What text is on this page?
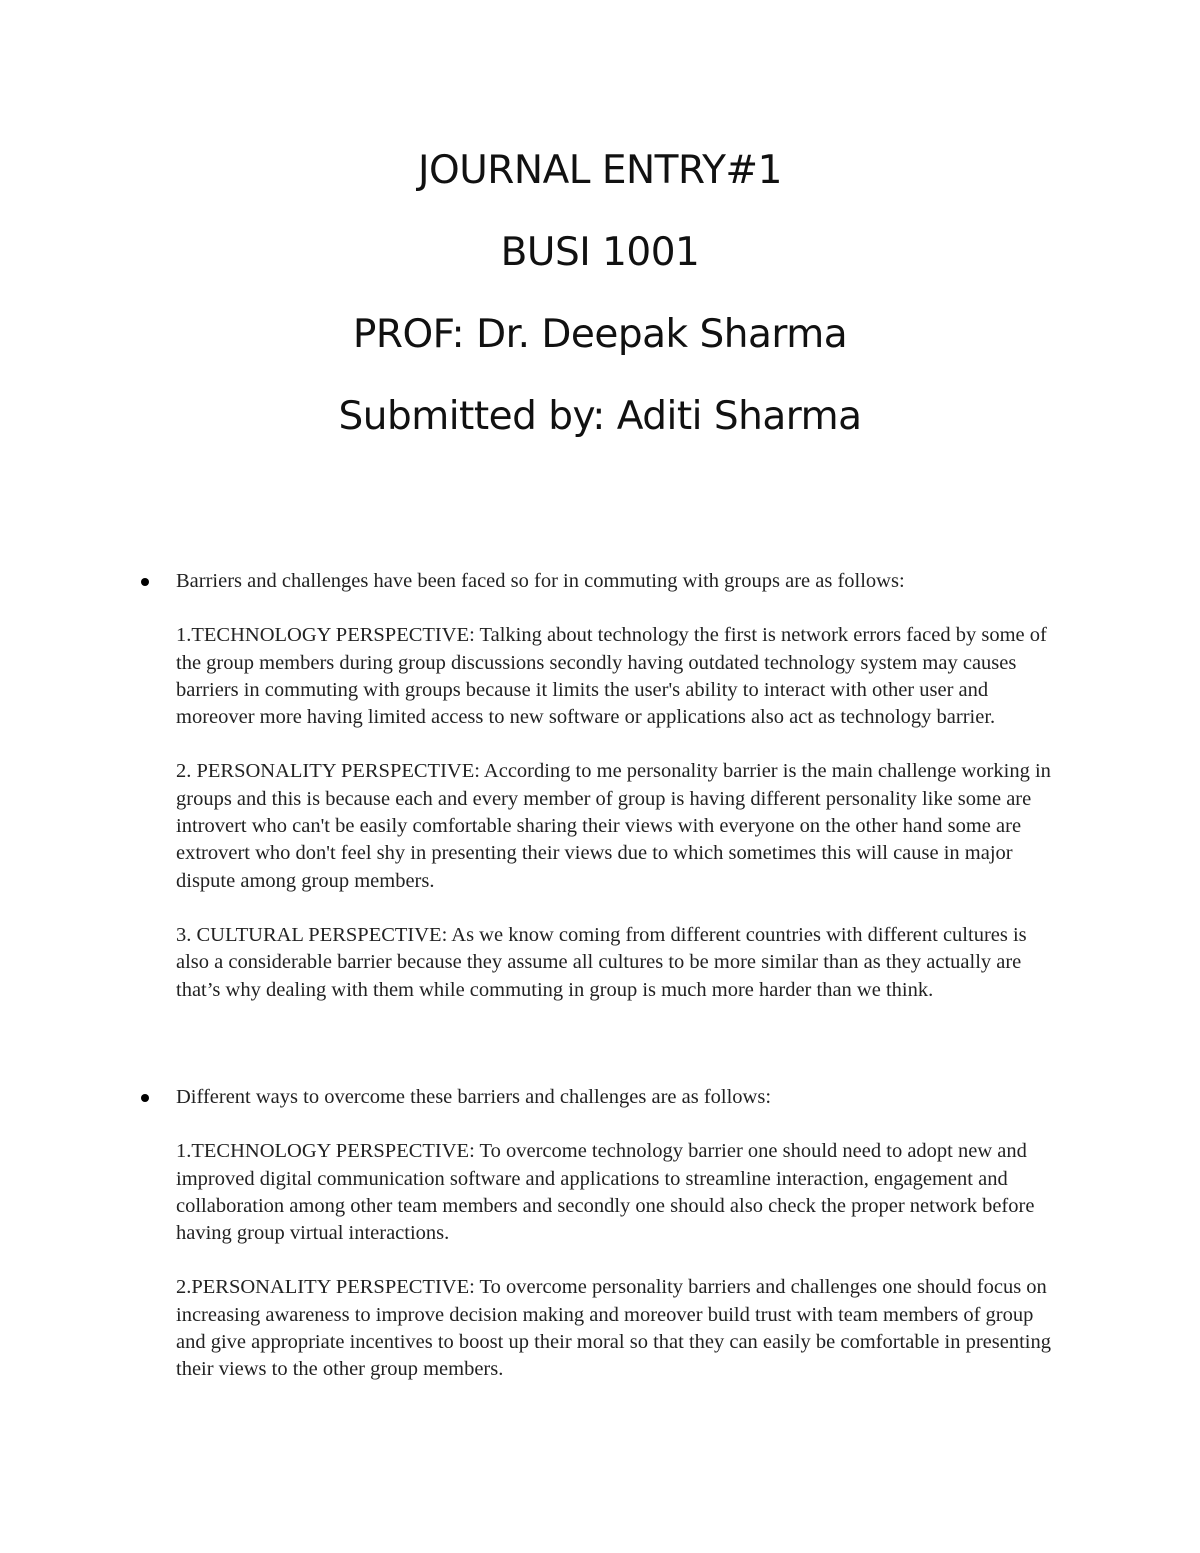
JOURNAL ENTRY#1
BUSI 1001
PROF: Dr. Deepak Sharma
Submitted by: Aditi Sharma
Barriers and challenges have been faced so for in commuting with groups are as follows:

1.TECHNOLOGY PERSPECTIVE: Talking about technology the first is network errors faced by some of the group members during group discussions secondly having outdated technology system may causes barriers in commuting with groups because it limits the user's ability to interact with other user and moreover more having limited access to new software or applications also act as technology barrier.

2. PERSONALITY PERSPECTIVE: According to me personality barrier is the main challenge working in groups and this is because each and every member of group is having different personality like some are introvert who can't be easily comfortable sharing their views with everyone on the other hand some are extrovert who don't feel shy in presenting their views due to which sometimes this will cause in major dispute among group members.

3. CULTURAL PERSPECTIVE: As we know coming from different countries with different cultures is also a considerable barrier because they assume all cultures to be more similar than as they actually are that’s why dealing with them while commuting in group is much more harder than we think.

Different ways to overcome these barriers and challenges are as follows:

1.TECHNOLOGY PERSPECTIVE: To overcome technology barrier one should need to adopt new and improved digital communication software and applications to streamline interaction, engagement and collaboration among other team members and secondly one should also check the proper network before having group virtual interactions.

2.PERSONALITY PERSPECTIVE: To overcome personality barriers and challenges one should focus on increasing awareness to improve decision making and moreover build trust with team members of group and give appropriate incentives to boost up their moral so that they can easily be comfortable in presenting their views to the other group members.
